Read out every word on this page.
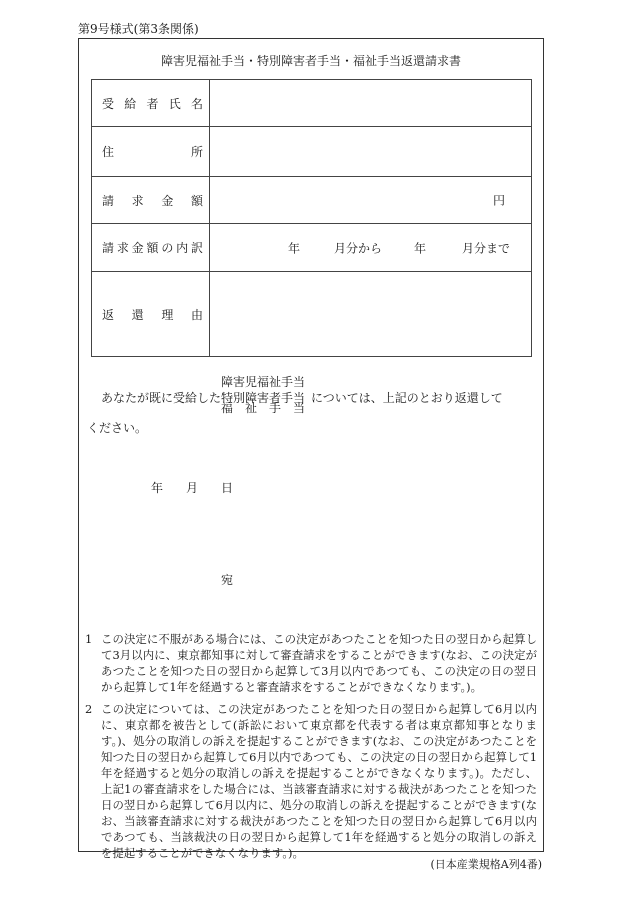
第9号様式(第3条関係)
障害児福祉手当・特別障害者手当・福祉手当返還請求書
受 給 者 氏 名	
住 所	
請 求 金 額	円

請求金額の内訳	年 月分から 年 月分まで

返 還 理 由	
障害児福祉手当
あなたが既に受給した 特別障害者手当 については、上記のとおり返還して
福　祉　手　当
ください。
年 月 日
宛
1 この決定に不服がある場合には、この決定があつたことを知つた日の翌日から起算して3月以内に、東京都知事に対して審査請求をすることができます(なお、この決定があつたことを知つた日の翌日から起算して3月以内であつても、この決定の日の翌日から起算して1年を経過すると審査請求をすることができなくなります。)。
2 この決定については、この決定があつたことを知つた日の翌日から起算して6月以内に、東京都を被告として(訴訟において東京都を代表する者は東京都知事となります。)、処分の取消しの訴えを提起することができます(なお、この決定があつたことを知つた日の翌日から起算して6月以内であつても、この決定の日の翌日から起算して1年を経過すると処分の取消しの訴えを提起することができなくなります。)。ただし、上記1の審査請求をした場合には、当該審査請求に対する裁決があつたことを知つた日の翌日から起算して6月以内に、処分の取消しの訴えを提起することができます(なお、当該審査請求に対する裁決があつたことを知つた日の翌日から起算して6月以内であつても、当該裁決の日の翌日から起算して1年を経過すると処分の取消しの訴えを提起することができなくなります。)。
(日本産業規格A列4番)
